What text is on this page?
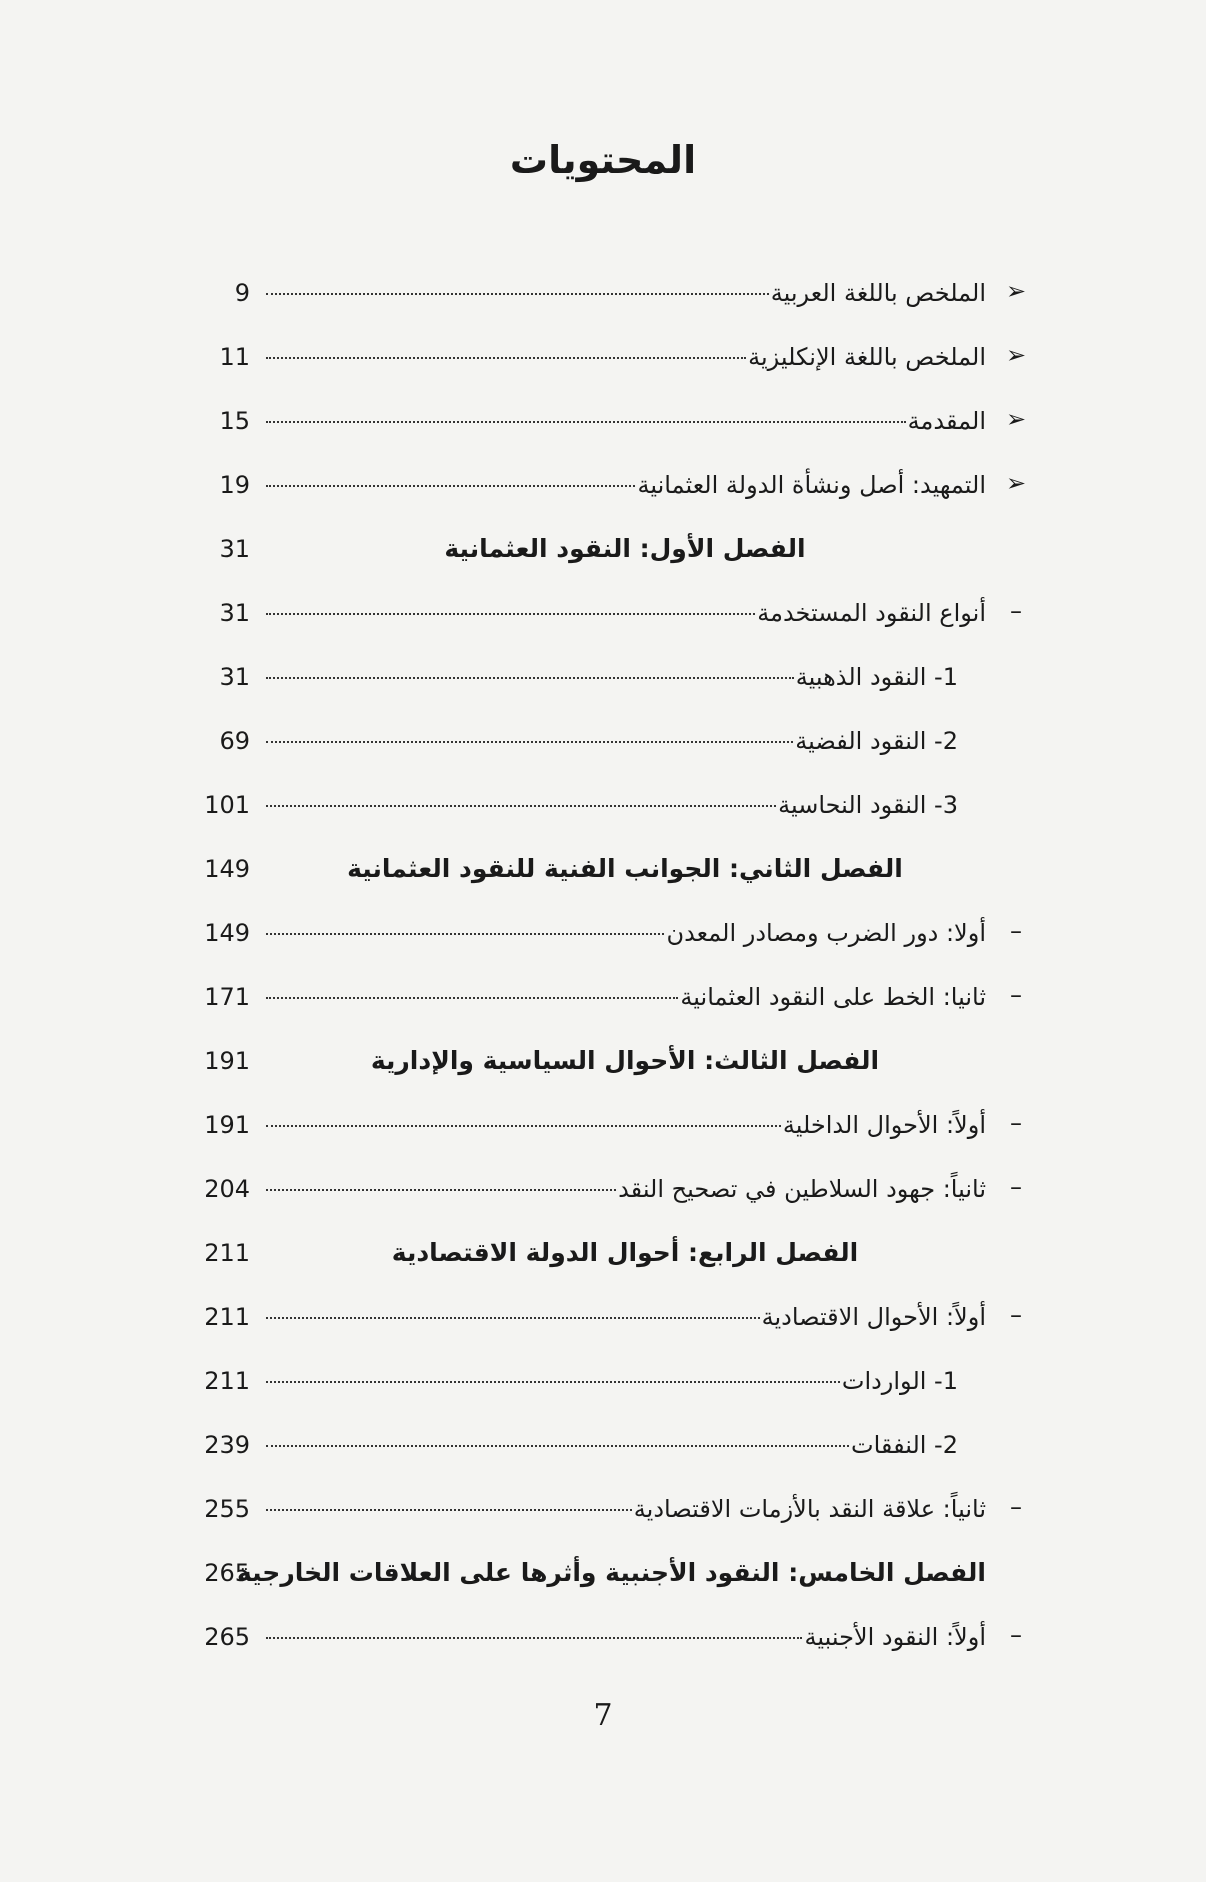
المحتويات
➢
الملخص باللغة العربية
9
➢
الملخص باللغة الإنكليزية
11
➢
المقدمة
15
➢
التمهيد: أصل ونشأة الدولة العثمانية
19
الفصل الأول: النقود العثمانية
31
–
أنواع النقود المستخدمة
31
1- النقود الذهبية
31
2- النقود الفضية
69
3- النقود النحاسية
101
الفصل الثاني: الجوانب الفنية للنقود العثمانية
149
–
أولا: دور الضرب ومصادر المعدن
149
–
ثانيا: الخط على النقود العثمانية
171
الفصل الثالث: الأحوال السياسية والإدارية
191
–
أولاً: الأحوال الداخلية
191
–
ثانياً: جهود السلاطين في تصحيح النقد
204
الفصل الرابع: أحوال الدولة الاقتصادية
211
–
أولاً: الأحوال الاقتصادية
211
1- الواردات
211
2- النفقات
239
–
ثانياً: علاقة النقد بالأزمات الاقتصادية
255
الفصل الخامس: النقود الأجنبية وأثرها على العلاقات الخارجية
265
–
أولاً: النقود الأجنبية
265
7
